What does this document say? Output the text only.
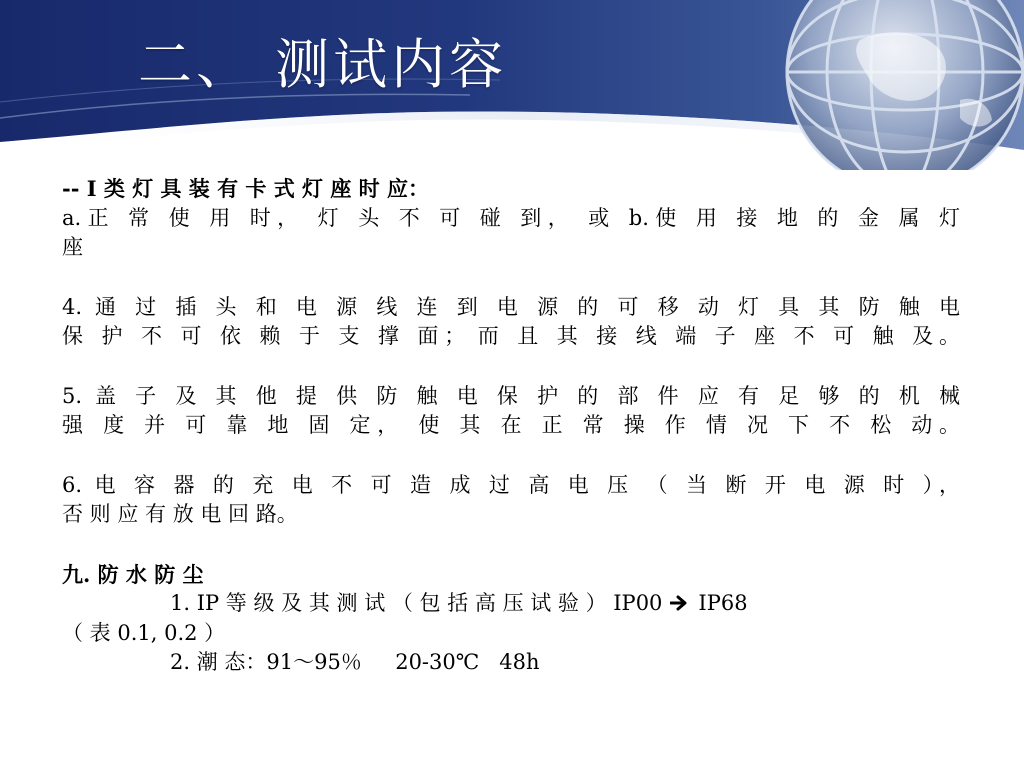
二、 测试内容
-- Ⅰ 类 灯 具 装 有 卡 式 灯 座 时 应：
a.正 常 使 用 时， 灯 头 不 可 碰 到， 或 b.使 用 接 地 的 金 属 灯
座
4. 通 过 插 头 和 电 源 线 连 到 电 源 的 可 移 动 灯 具 其 防 触 电
保 护 不 可 依 赖 于 支 撑 面； 而 且 其 接 线 端 子 座 不 可 触 及。
5. 盖 子 及 其 他 提 供 防 触 电 保 护 的 部 件 应 有 足 够 的 机 械
强 度 并 可 靠 地 固 定， 使 其 在 正 常 操 作 情 况 下 不 松 动。
6. 电 容 器 的 充 电 不 可 造 成 过 高 电 压 （ 当 断 开 电 源 时 ），
否 则 应 有 放 电 回 路。
九. 防 水 防 尘
1. IP 等 级 及 其 测 试 （ 包 括 高 压 试 验 ） IP00 IP68
（ 表 0.1, 0.2 ）
2. 潮 态：91～95％     20-30℃   48h
